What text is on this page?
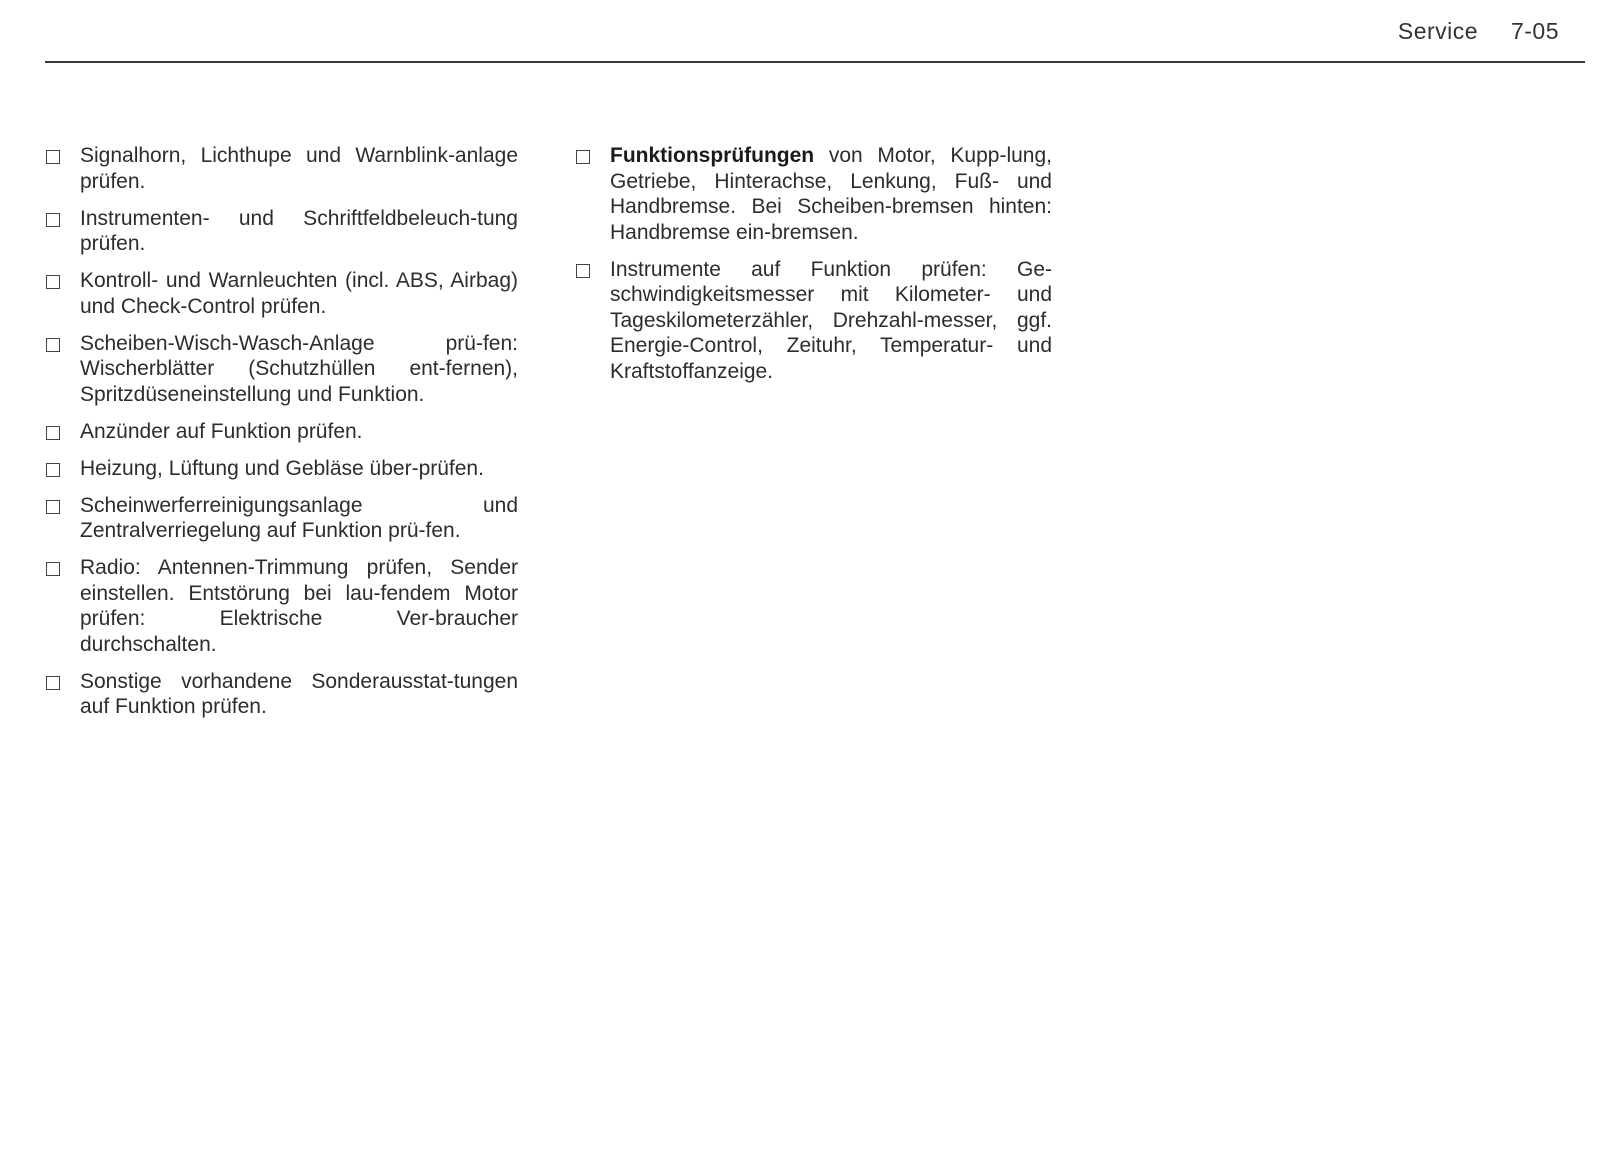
Service 7-05
Signalhorn, Lichthupe und Warnblink-anlage prüfen.
Instrumenten- und Schriftfeldbeleuch-tung prüfen.
Kontroll- und Warnleuchten (incl. ABS, Airbag) und Check-Control prüfen.
Scheiben-Wisch-Wasch-Anlage prü-fen: Wischerblätter (Schutzhüllen ent-fernen), Spritzdüseneinstellung und Funktion.
Anzünder auf Funktion prüfen.
Heizung, Lüftung und Gebläse über-prüfen.
Scheinwerferreinigungsanlage und Zentralverriegelung auf Funktion prü-fen.
Radio: Antennen-Trimmung prüfen, Sender einstellen. Entstörung bei lau-fendem Motor prüfen: Elektrische Ver-braucher durchschalten.
Sonstige vorhandene Sonderausstat-tungen auf Funktion prüfen.
Funktionsprüfungen von Motor, Kupp-lung, Getriebe, Hinterachse, Lenkung, Fuß- und Handbremse. Bei Scheiben-bremsen hinten: Handbremse ein-bremsen.
Instrumente auf Funktion prüfen: Ge-schwindigkeitsmesser mit Kilometer- und Tageskilometerzähler, Drehzahl-messer, ggf. Energie-Control, Zeituhr, Temperatur- und Kraftstoffanzeige.
